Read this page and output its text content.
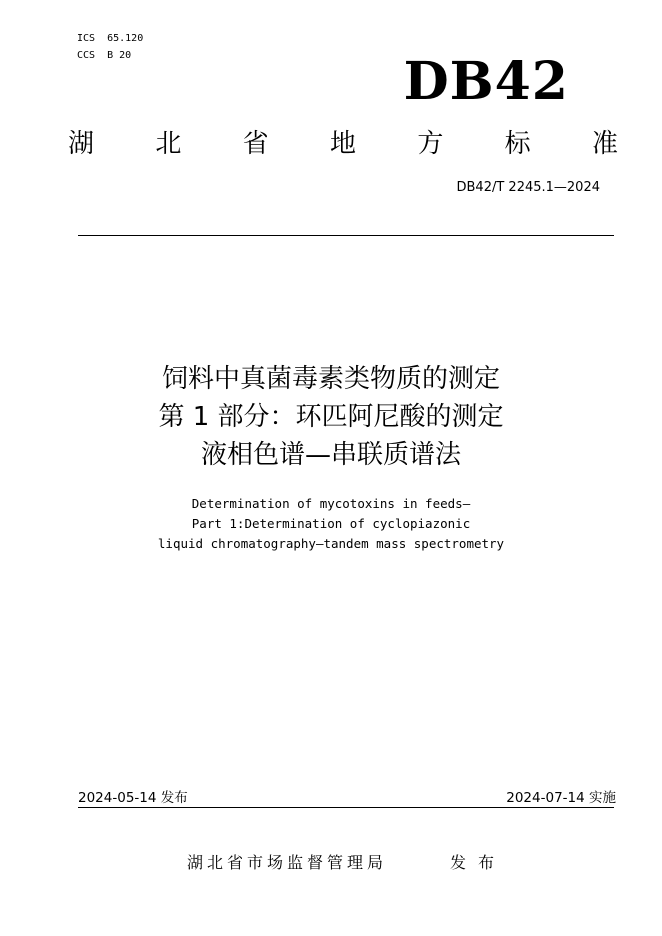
ICS  65.120
CCS  B 20	DB42
湖 北 省 地 方 标 准
DB42/T 2245.1—2024
饲料中真菌毒素类物质的测定
第 1 部分：环匹阿尼酸的测定
液相色谱—串联质谱法
Determination of mycotoxins in feeds—
Part 1:Determination of cyclopiazonic
liquid chromatography—tandem mass spectrometry
2024-05-14 发布	2024-07-14 实施
湖北省市场监督管理局	发布
